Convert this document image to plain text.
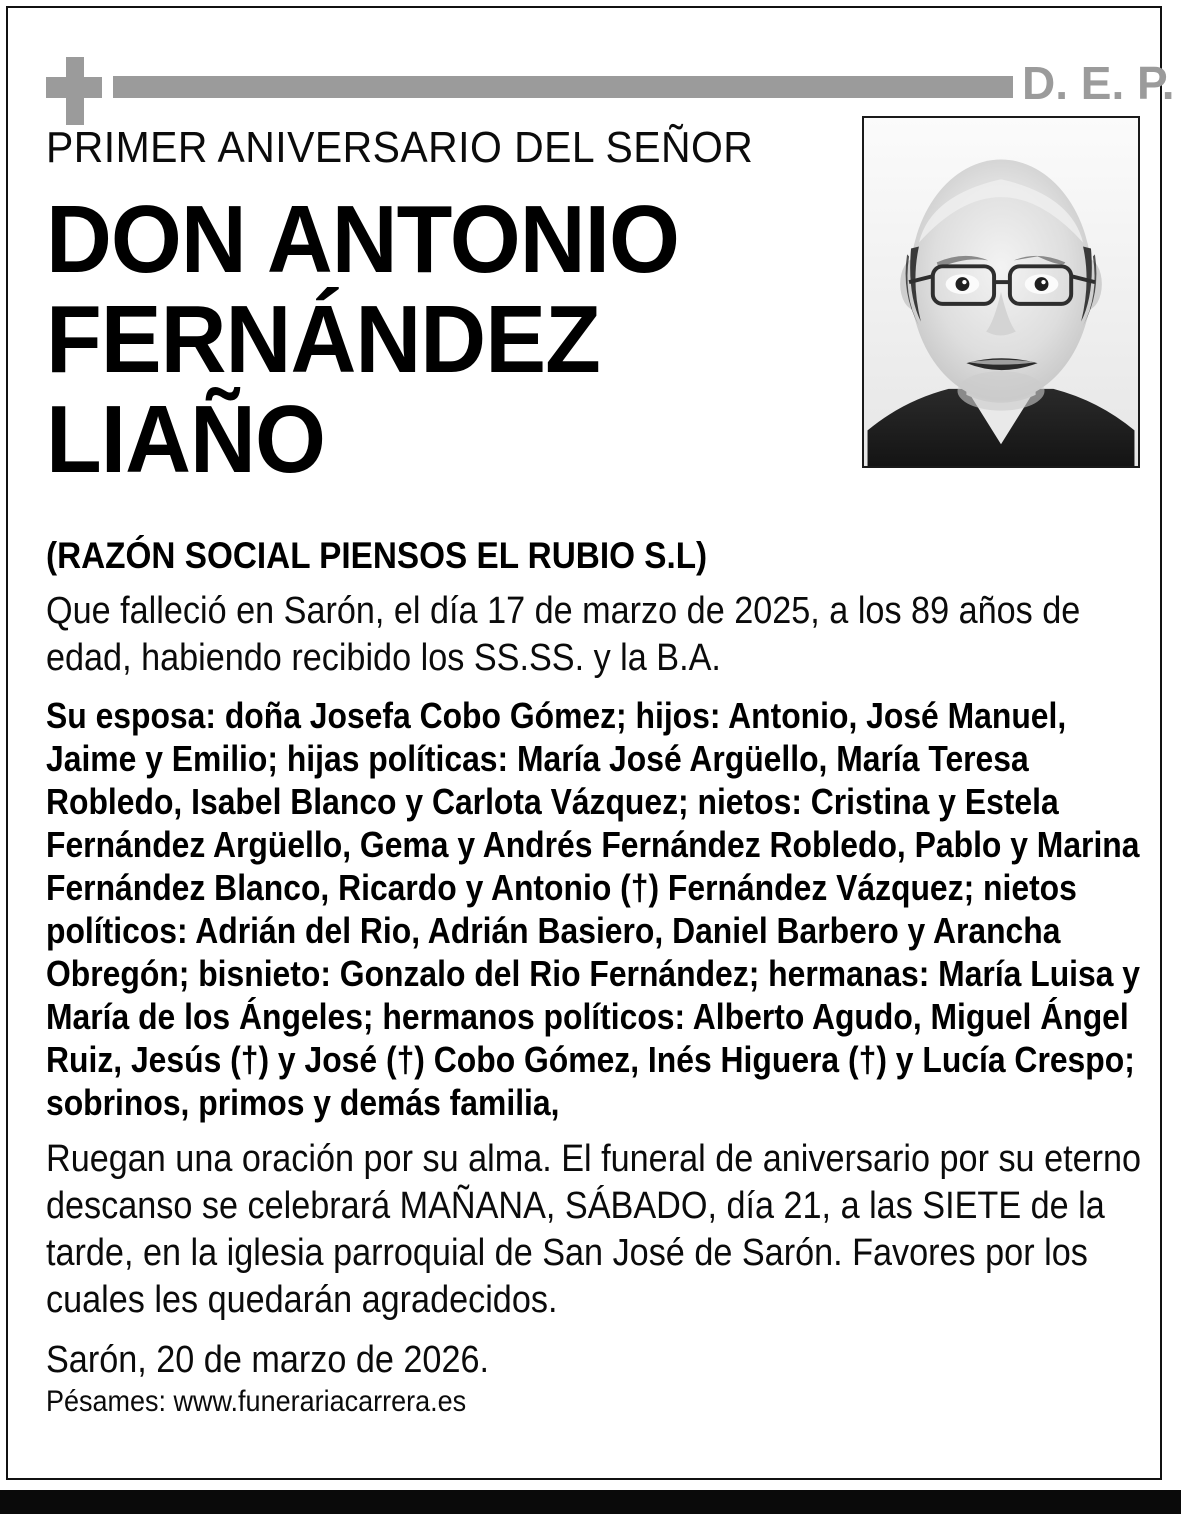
D. E. P.
PRIMER ANIVERSARIO DEL SEÑOR
DON ANTONIO
FERNÁNDEZ
LIAÑO
(RAZÓN SOCIAL PIENSOS EL RUBIO S.L)
Que falleció en Sarón, el día 17 de marzo de 2025, a los 89 años de edad, habiendo recibido los SS.SS. y la B.A.
Su esposa: doña Josefa Cobo Gómez; hijos: Antonio, José Manuel, Jaime y Emilio; hijas políticas: María José Argüello, María Teresa Robledo, Isabel Blanco y Carlota Vázquez; nietos: Cristina y Estela Fernández Argüello, Gema y Andrés Fernández Robledo, Pablo y Marina Fernández Blanco, Ricardo y Antonio (†) Fernández Vázquez; nietos políticos: Adrián del Rio, Adrián Basiero, Daniel Barbero y Arancha Obregón; bisnieto: Gonzalo del Rio Fernández; hermanas: María Luisa y María de los Ángeles; hermanos políticos: Alberto Agudo, Miguel Ángel Ruiz, Jesús (†) y José (†) Cobo Gómez, Inés Higuera (†) y Lucía Crespo; sobrinos, primos y demás familia,
Ruegan una oración por su alma. El funeral de aniversario por su eterno descanso se celebrará MAÑANA, SÁBADO, día 21, a las SIETE de la tarde, en la iglesia parroquial de San José de Sarón. Favores por los cuales les quedarán agradecidos.
Sarón, 20 de marzo de 2026.
Pésames: www.funerariacarrera.es
